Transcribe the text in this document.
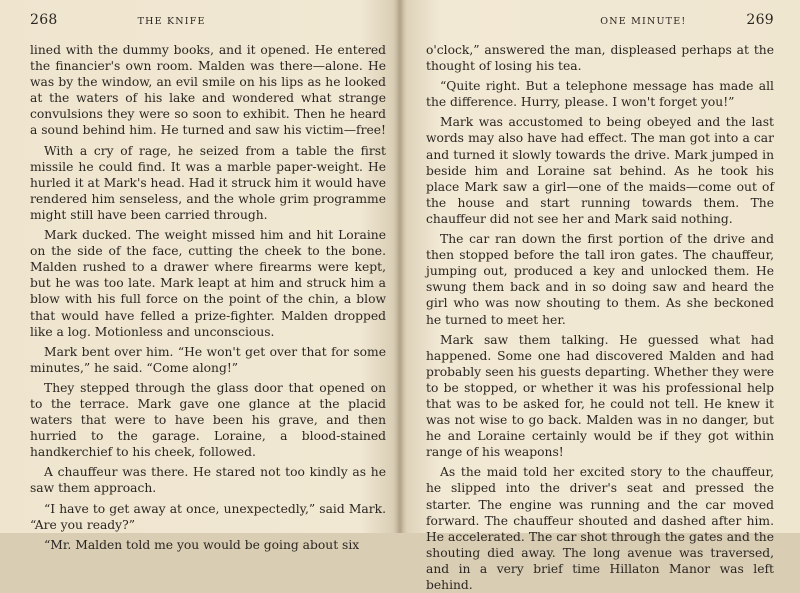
268	THE KNIFE

lined with the dummy books, and it opened. He entered the financier's own room. Malden was there—alone. He was by the window, an evil smile on his lips as he looked at the waters of his lake and wondered what strange convulsions they were so soon to exhibit. Then he heard a sound behind him. He turned and saw his victim—free!

With a cry of rage, he seized from a table the first missile he could find. It was a marble paper-weight. He hurled it at Mark's head. Had it struck him it would have rendered him senseless, and the whole grim programme might still have been carried through.

Mark ducked. The weight missed him and hit Loraine on the side of the face, cutting the cheek to the bone. Malden rushed to a drawer where firearms were kept, but he was too late. Mark leapt at him and struck him a blow with his full force on the point of the chin, a blow that would have felled a prize-fighter. Malden dropped like a log. Motionless and unconscious.

Mark bent over him. “He won't get over that for some minutes,” he said. “Come along!”

They stepped through the glass door that opened on to the terrace. Mark gave one glance at the placid waters that were to have been his grave, and then hurried to the garage. Loraine, a blood-stained handkerchief to his cheek, followed.

A chauffeur was there. He stared not too kindly as he saw them approach.

“I have to get away at once, unexpectedly,” said Mark. “Are you ready?”

“Mr. Malden told me you would be going about six

ONE MINUTE!	269

o'clock,” answered the man, displeased perhaps at the thought of losing his tea.

“Quite right. But a telephone message has made all the difference. Hurry, please. I won't forget you!”

Mark was accustomed to being obeyed and the last words may also have had effect. The man got into a car and turned it slowly towards the drive. Mark jumped in beside him and Loraine sat behind. As he took his place Mark saw a girl—one of the maids—come out of the house and start running towards them. The chauffeur did not see her and Mark said nothing.

The car ran down the first portion of the drive and then stopped before the tall iron gates. The chauffeur, jumping out, produced a key and unlocked them. He swung them back and in so doing saw and heard the girl who was now shouting to them. As she beckoned he turned to meet her.

Mark saw them talking. He guessed what had happened. Some one had discovered Malden and had probably seen his guests departing. Whether they were to be stopped, or whether it was his professional help that was to be asked for, he could not tell. He knew it was not wise to go back. Malden was in no danger, but he and Loraine certainly would be if they got within range of his weapons!

As the maid told her excited story to the chauffeur, he slipped into the driver's seat and pressed the starter. The engine was running and the car moved forward. The chauffeur shouted and dashed after him. He accelerated. The car shot through the gates and the shouting died away. The long avenue was traversed, and in a very brief time Hillaton Manor was left behind.
